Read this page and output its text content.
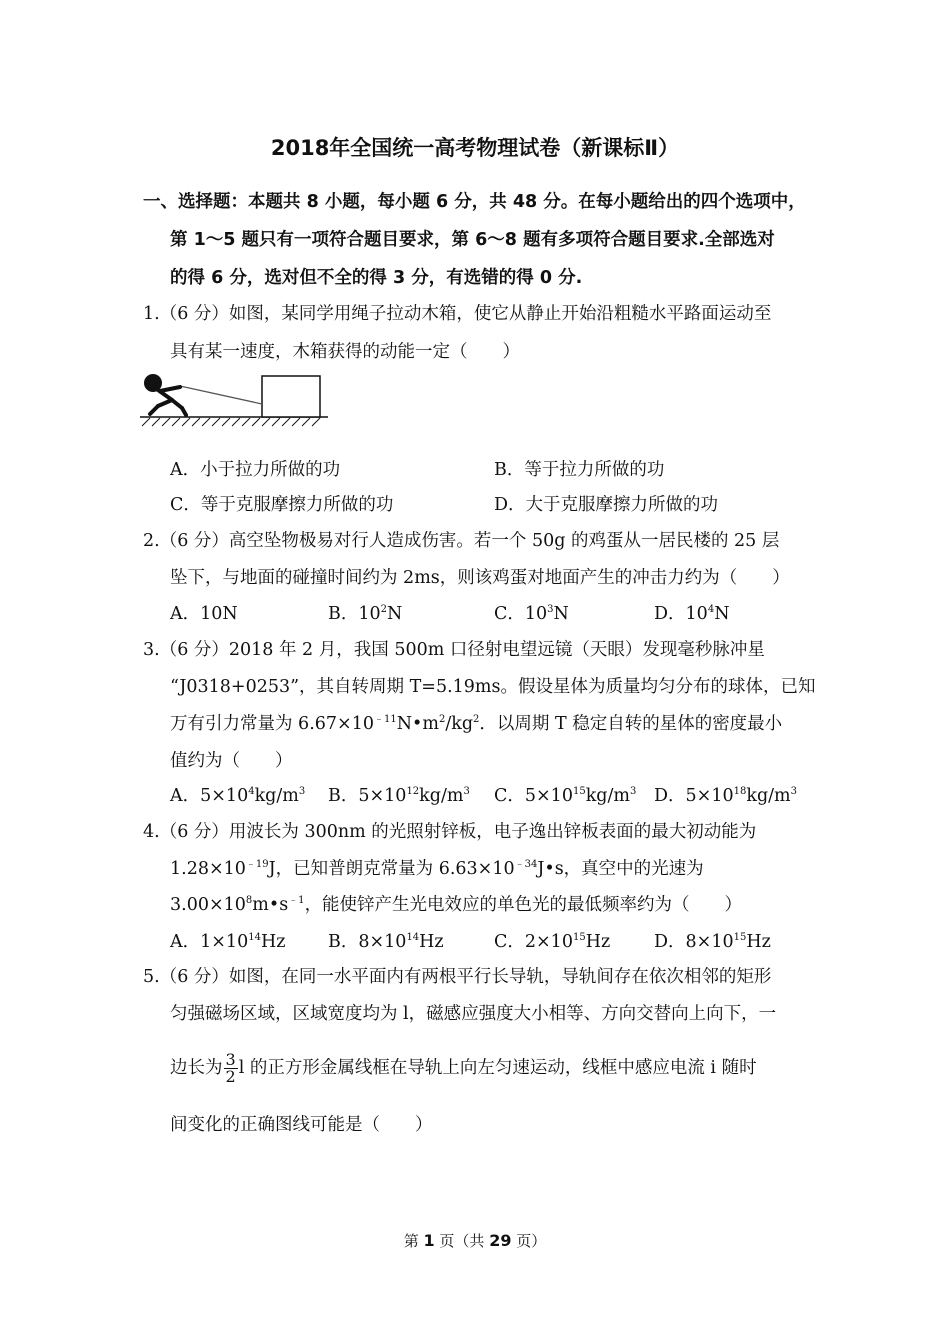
2018年全国统一高考物理试卷（新课标Ⅱ）
一、选择题：本题共 8 小题，每小题 6 分，共 48 分。在每小题给出的四个选项中，
第 1～5 题只有一项符合题目要求，第 6～8 题有多项符合题目要求.全部选对
的得 6 分，选对但不全的得 3 分，有选错的得 0 分.
1.（6 分）如图，某同学用绳子拉动木箱，使它从静止开始沿粗糙水平路面运动至
具有某一速度，木箱获得的动能一定（　　）
A．小于拉力所做的功	B．等于拉力所做的功
C．等于克服摩擦力所做的功	D．大于克服摩擦力所做的功
2.（6 分）高空坠物极易对行人造成伤害。若一个 50g 的鸡蛋从一居民楼的 25 层
坠下，与地面的碰撞时间约为 2ms，则该鸡蛋对地面产生的冲击力约为（　　）
A．10N	B．$10^2N$	C．$10^3N$	D．$10^4N$
3.（6 分）2018 年 2 月，我国 500m 口径射电望远镜（天眼）发现毫秒脉冲星
“J0318+0253”，其自转周期 T=5.19ms。假设星体为质量均匀分布的球体，已知
万有引力常量为 $6.67\times 10^{﹣11}N•m^2/kg^2$．以周期 T 稳定自转的星体的密度最小
值约为（　　）
A．$5\times 10^4kg/m^3$ B．$5\times 10^{12}kg/m^3$ C．$5\times 10^{15}kg/m^3$ D．$5\times 10^{18}kg/m^3$
4.（6 分）用波长为 300nm 的光照射锌板，电子逸出锌板表面的最大初动能为
$1.28\times 10^{﹣19}J$，已知普朗克常量为 $6.63\times 10^{﹣34}J•s$，真空中的光速为
$3.00\times 10^8m•s^{﹣1}$，能使锌产生光电效应的单色光的最低频率约为（　　）
A．$1\times 10^{14}Hz$ B．$8\times 10^{14}Hz$	C．$2\times 10^{15}Hz$	D．$8\times 10^{15}Hz$
5.（6 分）如图，在同一水平面内有两根平行长导轨，导轨间存在依次相邻的矩形
匀强磁场区域，区域宽度均为 l，磁感应强度大小相等、方向交替向上向下，一
边长为 $\frac{3}{2}$ l 的正方形金属线框在导轨上向左匀速运动，线框中感应电流 i 随时
间变化的正确图线可能是（　　）
第 1 页（共 29 页）
